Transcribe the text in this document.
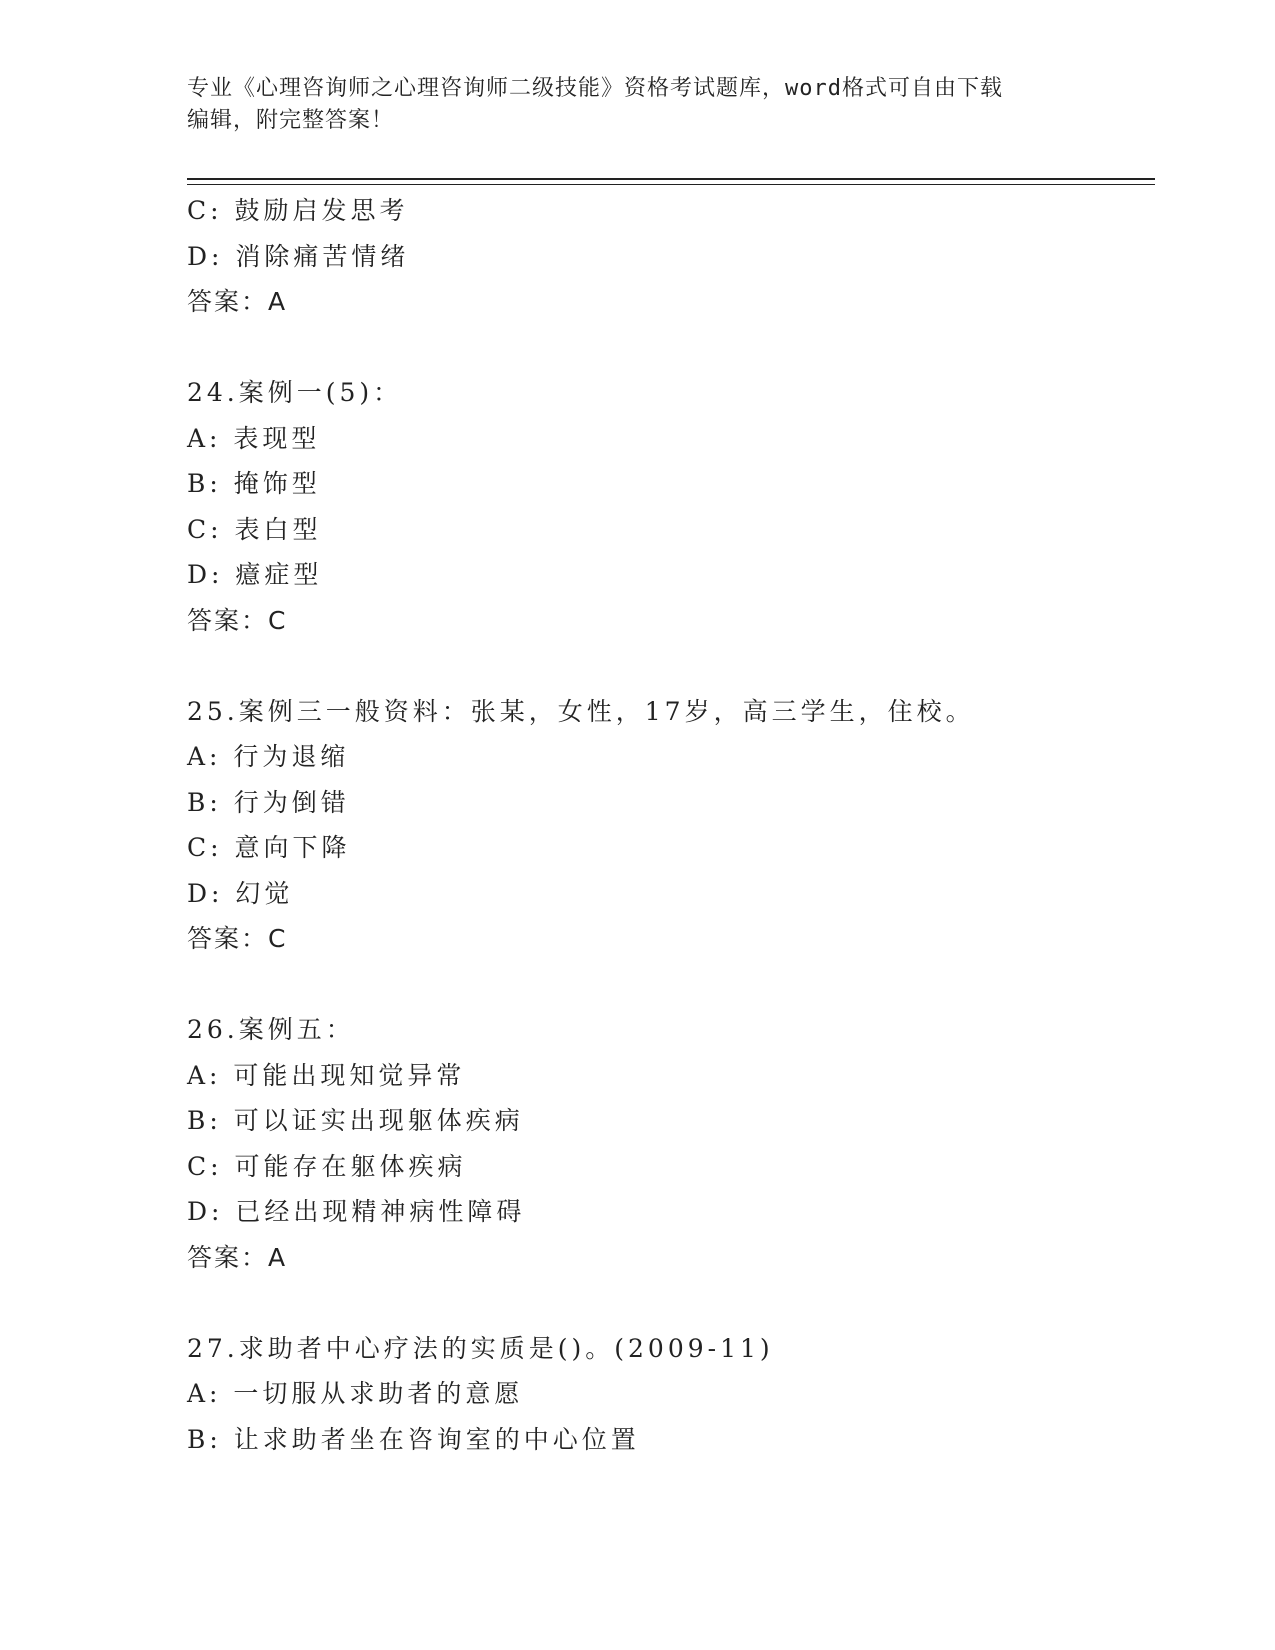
专业《心理咨询师之心理咨询师二级技能》资格考试题库，word格式可自由下载
编辑，附完整答案！
C: 鼓励启发思考
D: 消除痛苦情绪
答案：A
24.案例一(5)：
A: 表现型
B: 掩饰型
C: 表白型
D: 癔症型
答案：C
25.案例三一般资料：张某，女性，17岁，高三学生，住校。
A: 行为退缩
B: 行为倒错
C: 意向下降
D: 幻觉
答案：C
26.案例五：
A: 可能出现知觉异常
B: 可以证实出现躯体疾病
C: 可能存在躯体疾病
D: 已经出现精神病性障碍
答案：A
27.求助者中心疗法的实质是()。(2009-11)
A: 一切服从求助者的意愿
B: 让求助者坐在咨询室的中心位置
